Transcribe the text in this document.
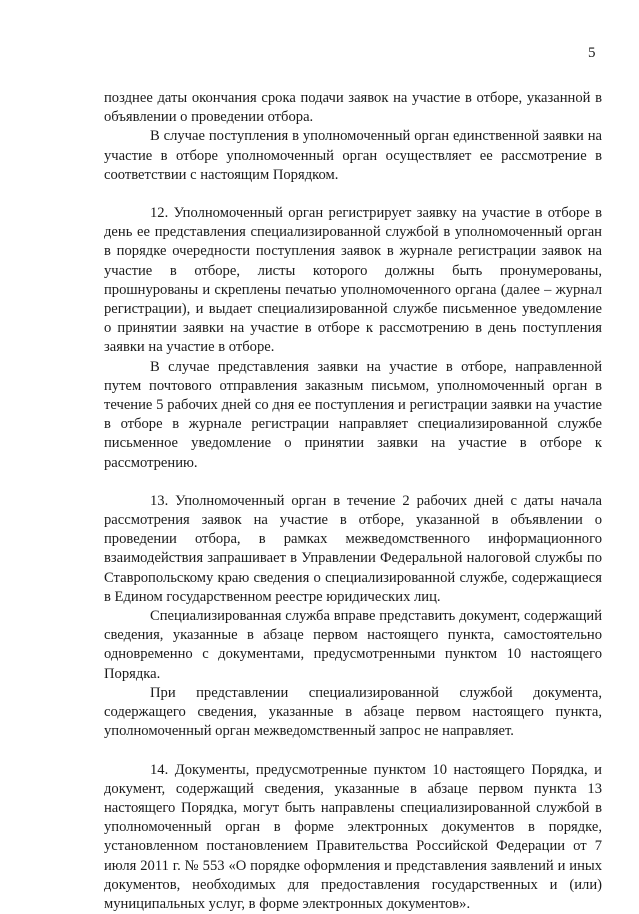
5

позднее даты окончания срока подачи заявок на участие в отборе, указанной в объявлении о проведении отбора.

В случае поступления в уполномоченный орган единственной заявки на участие в отборе уполномоченный орган осуществляет ее рассмотрение в соответствии с настоящим Порядком.

12. Уполномоченный орган регистрирует заявку на участие в отборе в день ее представления специализированной службой в уполномоченный орган в порядке очередности поступления заявок в журнале регистрации заявок на участие в отборе, листы которого должны быть пронумерованы, прошнурованы и скреплены печатью уполномоченного органа (далее – журнал регистрации), и выдает специализированной службе письменное уведомление о принятии заявки на участие в отборе к рассмотрению в день поступления заявки на участие в отборе.

В случае представления заявки на участие в отборе, направленной путем почтового отправления заказным письмом, уполномоченный орган в течение 5 рабочих дней со дня ее поступления и регистрации заявки на участие в отборе в журнале регистрации направляет специализированной службе письменное уведомление о принятии заявки на участие в отборе к рассмотрению.

13. Уполномоченный орган в течение 2 рабочих дней с даты начала рассмотрения заявок на участие в отборе, указанной в объявлении о проведении отбора, в рамках межведомственного информационного взаимодействия запрашивает в Управлении Федеральной налоговой службы по Ставропольскому краю сведения о специализированной службе, содержащиеся в Едином государственном реестре юридических лиц.

Специализированная служба вправе представить документ, содержащий сведения, указанные в абзаце первом настоящего пункта, самостоятельно одновременно с документами, предусмотренными пунктом 10 настоящего Порядка.

При представлении специализированной службой документа, содержащего сведения, указанные в абзаце первом настоящего пункта, уполномоченный орган межведомственный запрос не направляет.

14. Документы, предусмотренные пунктом 10 настоящего Порядка, и документ, содержащий сведения, указанные в абзаце первом пункта 13 настоящего Порядка, могут быть направлены специализированной службой в уполномоченный орган в форме электронных документов в порядке, установленном постановлением Правительства Российской Федерации от 7 июля 2011 г. № 553 «О порядке оформления и представления заявлений и иных документов, необходимых для предоставления государственных и (или) муниципальных услуг, в форме электронных документов».
